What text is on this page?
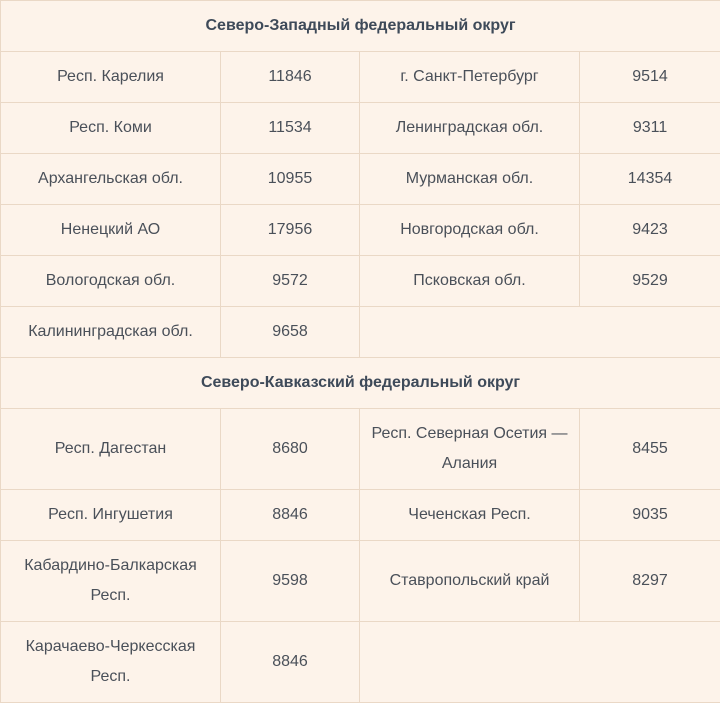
Северо-Западный федеральный округ			
Респ. Карелия	11846	г. Санкт-Петербург	9514
Респ. Коми	11534	Ленинградская обл.	9311
Архангельская обл.	10955	Мурманская обл.	14354
Ненецкий АО	17956	Новгородская обл.	9423
Вологодская обл.	9572	Псковская обл.	9529
Калининградская обл.	9658		
Северо-Кавказский федеральный округ			
Респ. Дагестан	8680	Респ. Северная Осетия — Алания	8455
Респ. Ингушетия	8846	Чеченская Респ.	9035
Кабардино-Балкарская Респ.	9598	Ставропольский край	8297
Карачаево-Черкесская Респ.	8846		
